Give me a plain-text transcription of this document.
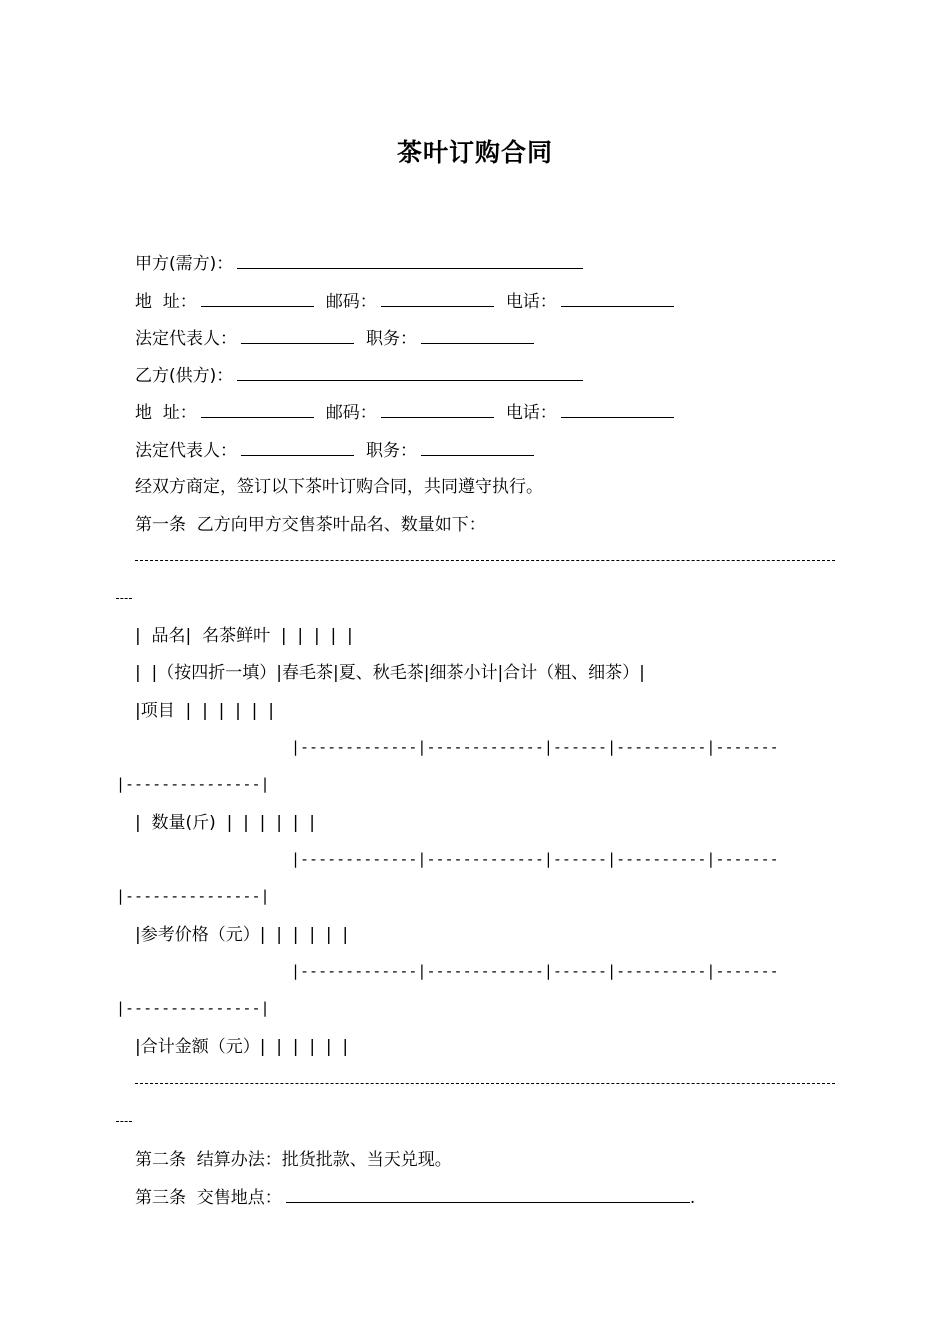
茶叶订购合同
甲方(需方)：
地  址：	邮码：	电话：
法定代表人：	职务：
乙方(供方)：
地  址：	邮码：	电话：
法定代表人：	职务：
经双方商定，签订以下茶叶订购合同，共同遵守执行。
第一条  乙方向甲方交售茶叶品名、数量如下：
|  品名|  名茶鲜叶  |  |  |  |  |
|  |（按四折一填）|春毛茶|夏、秋毛茶|细茶小计|合计（粗、细茶）|
|项目  |  |  |  |  |  |
|-------------|-------------|------|----------|-------
|---------------|
|  数量(斤)  |  |  |  |  |  |
|-------------|-------------|------|----------|-------
|---------------|
|参考价格（元）|  |  |  |  |  |
|-------------|-------------|------|----------|-------
|---------------|
|合计金额（元）|  |  |  |  |  |
第二条  结算办法：批货批款、当天兑现。
第三条  交售地点：	.
